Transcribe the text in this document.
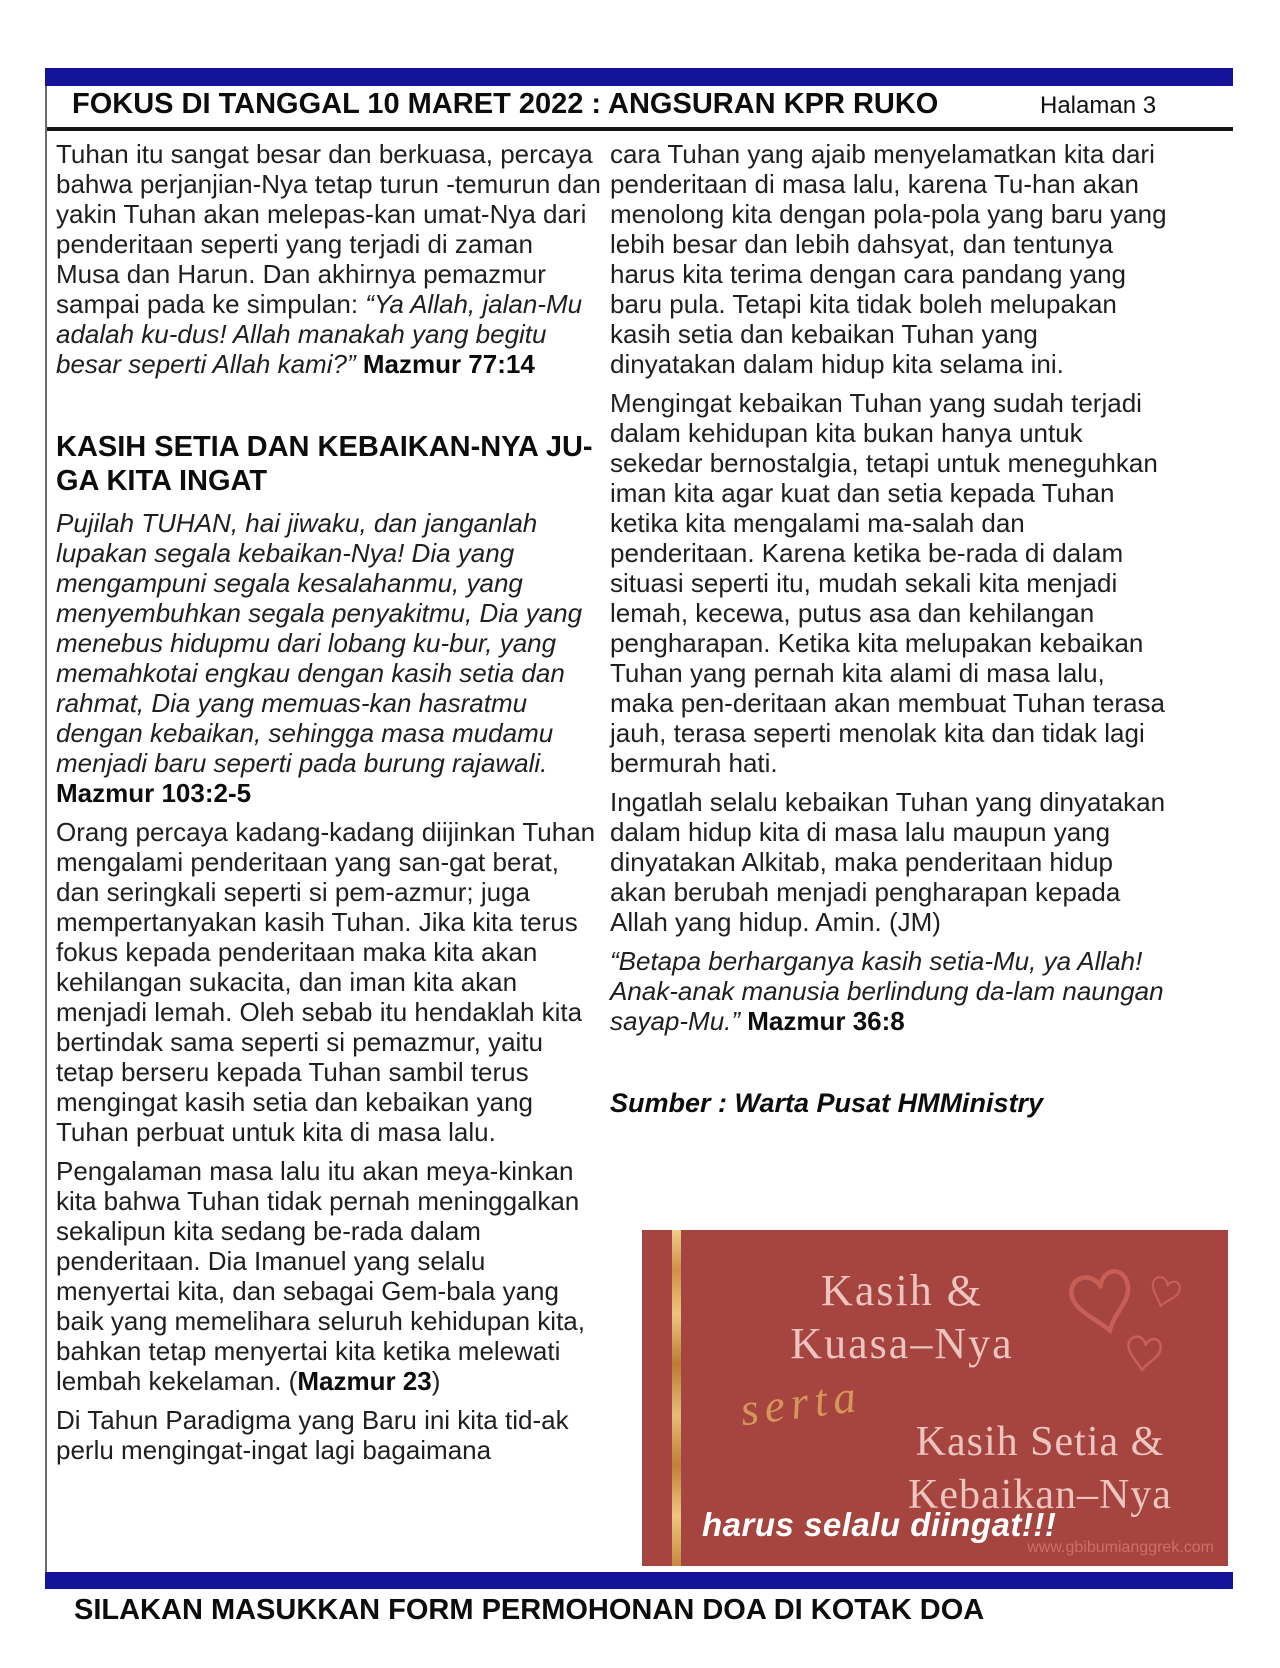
FOKUS DI TANGGAL 10 MARET 2022 : ANGSURAN KPR RUKO	Halaman 3

Tuhan itu sangat besar dan berkuasa, percaya bahwa perjanjian-Nya tetap turun -temurun dan yakin Tuhan akan melepas-kan umat-Nya dari penderitaan seperti yang terjadi di zaman Musa dan Harun. Dan akhirnya pemazmur sampai pada ke simpulan: “Ya Allah, jalan-Mu adalah ku-dus! Allah manakah yang begitu besar seperti Allah kami?” Mazmur 77:14

KASIH SETIA DAN KEBAIKAN-NYA JU-GA KITA INGAT

Pujilah TUHAN, hai jiwaku, dan janganlah lupakan segala kebaikan-Nya! Dia yang mengampuni segala kesalahanmu, yang menyembuhkan segala penyakitmu, Dia yang menebus hidupmu dari lobang ku-bur, yang memahkotai engkau dengan kasih setia dan rahmat, Dia yang memuas-kan hasratmu dengan kebaikan, sehingga masa mudamu menjadi baru seperti pada burung rajawali. Mazmur 103:2-5

Orang percaya kadang-kadang diijinkan Tuhan mengalami penderitaan yang san-gat berat, dan seringkali seperti si pem-azmur; juga mempertanyakan kasih Tuhan. Jika kita terus fokus kepada penderitaan maka kita akan kehilangan sukacita, dan iman kita akan menjadi lemah. Oleh sebab itu hendaklah kita bertindak sama seperti si pemazmur, yaitu tetap berseru kepada Tuhan sambil terus mengingat kasih setia dan kebaikan yang Tuhan perbuat untuk kita di masa lalu.

Pengalaman masa lalu itu akan meya-kinkan kita bahwa Tuhan tidak pernah meninggalkan sekalipun kita sedang be-rada dalam penderitaan. Dia Imanuel yang selalu menyertai kita, dan sebagai Gem-bala yang baik yang memelihara seluruh kehidupan kita, bahkan tetap menyertai kita ketika melewati lembah kekelaman. (Mazmur 23)

Di Tahun Paradigma yang Baru ini kita tid-ak perlu mengingat-ingat lagi bagaimana

cara Tuhan yang ajaib menyelamatkan kita dari penderitaan di masa lalu, karena Tu-han akan menolong kita dengan pola-pola yang baru yang lebih besar dan lebih dahsyat, dan tentunya harus kita terima dengan cara pandang yang baru pula. Tetapi kita tidak boleh melupakan kasih setia dan kebaikan Tuhan yang dinyatakan dalam hidup kita selama ini.

Mengingat kebaikan Tuhan yang sudah terjadi dalam kehidupan kita bukan hanya untuk sekedar bernostalgia, tetapi untuk meneguhkan iman kita agar kuat dan setia kepada Tuhan ketika kita mengalami ma-salah dan penderitaan. Karena ketika be-rada di dalam situasi seperti itu, mudah sekali kita menjadi lemah, kecewa, putus asa dan kehilangan pengharapan. Ketika kita melupakan kebaikan Tuhan yang pernah kita alami di masa lalu, maka pen-deritaan akan membuat Tuhan terasa jauh, terasa seperti menolak kita dan tidak lagi bermurah hati.

Ingatlah selalu kebaikan Tuhan yang dinyatakan dalam hidup kita di masa lalu maupun yang dinyatakan Alkitab, maka penderitaan hidup akan berubah menjadi pengharapan kepada Allah yang hidup. Amin. (JM)

“Betapa berharganya kasih setia-Mu, ya Allah! Anak-anak manusia berlindung da-lam naungan sayap-Mu.” Mazmur 36:8

Sumber : Warta Pusat HMMinistry

Kasih &
Kuasa–Nya
serta
Kasih Setia &
Kebaikan–Nya
harus selalu diingat!!!
www.gbibumianggrek.com
SILAKAN MASUKKAN FORM PERMOHONAN DOA DI KOTAK DOA
